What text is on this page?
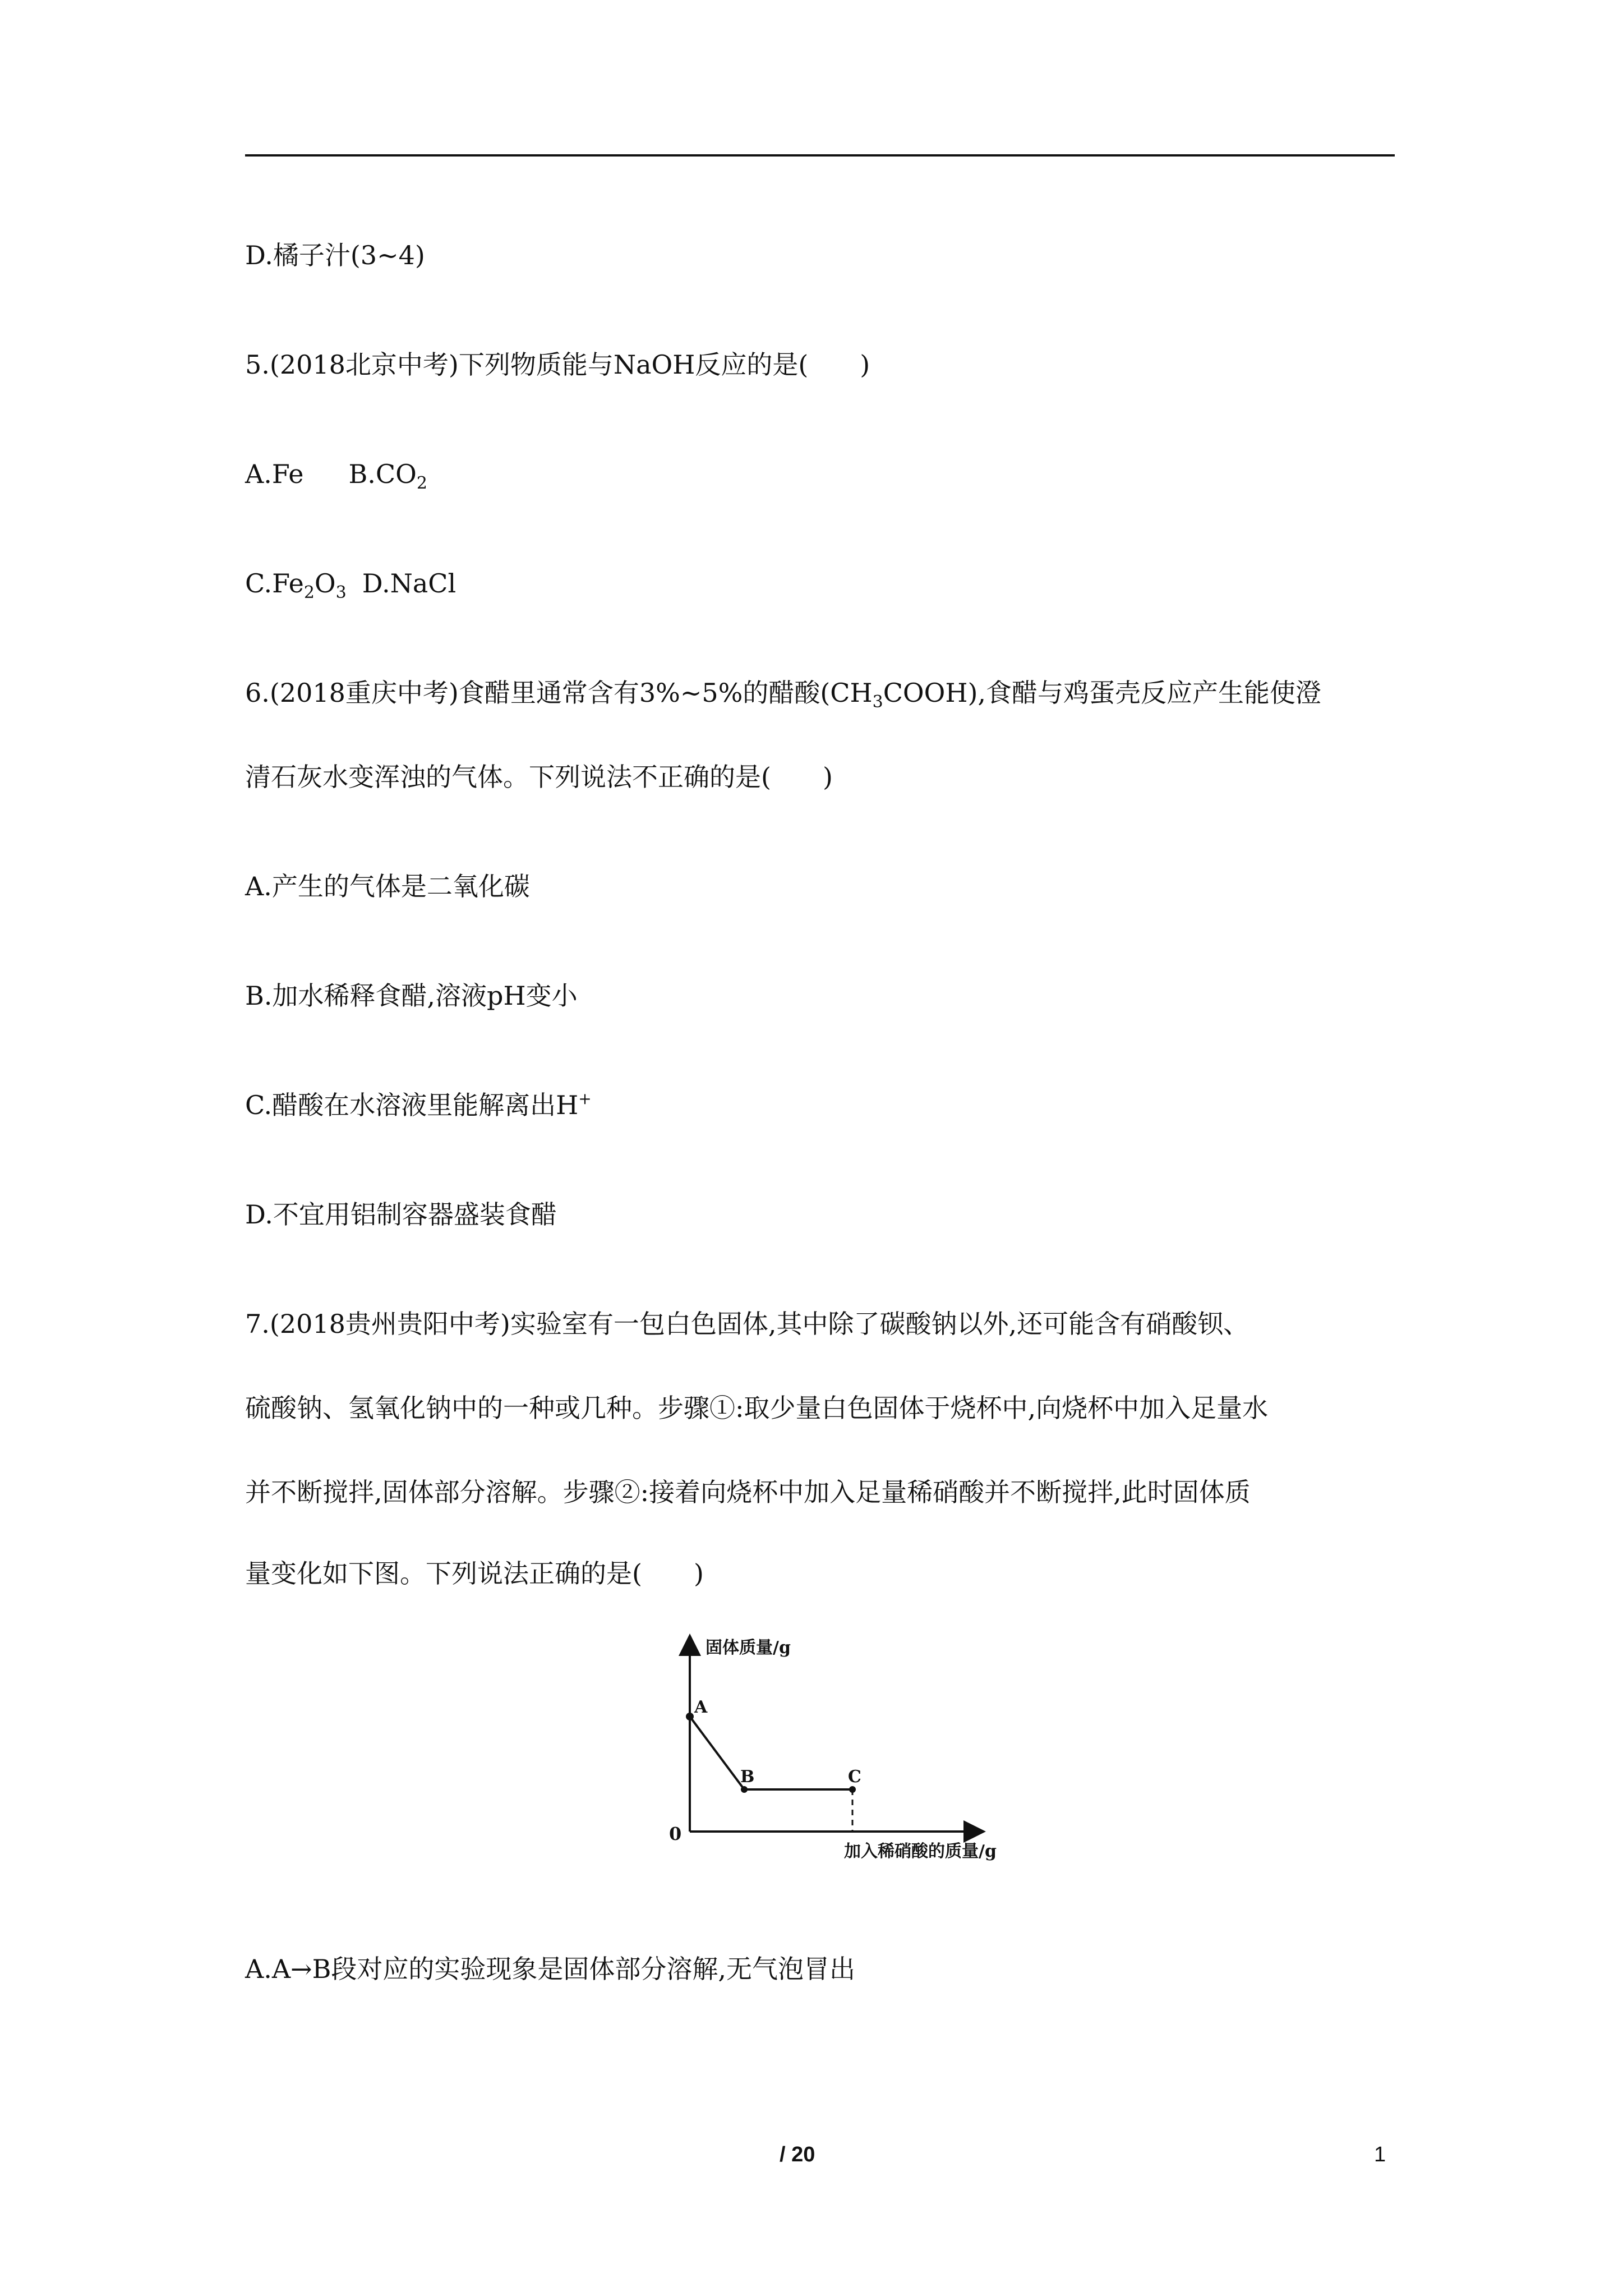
D.橘子汁(3~4)
5.(2018北京中考)下列物质能与NaOH反应的是(　　)
A.Fe $B.CO_2$
$C.Fe_2O_3$ D.NaCl
6.(2018重庆中考)食醋里通常含有3%~5%的醋酸$(CH_3COOH)$,食醋与鸡蛋壳反应产生能使澄
清石灰水变浑浊的气体。下列说法不正确的是(　　)
A.产生的气体是二氧化碳
B.加水稀释食醋,溶液pH变小
C.醋酸在水溶液里能解离出H+
D.不宜用铝制容器盛装食醋
7.(2018贵州贵阳中考)实验室有一包白色固体,其中除了碳酸钠以外,还可能含有硝酸钡、
硫酸钠、氢氧化钠中的一种或几种。步骤①:取少量白色固体于烧杯中,向烧杯中加入足量水
并不断搅拌,固体部分溶解。步骤②:接着向烧杯中加入足量稀硝酸并不断搅拌,此时固体质
量变化如下图。下列说法正确的是(　　)
固体质量/g
加入稀硝酸的质量/g
0
A
B	C
A.A→B段对应的实验现象是固体部分溶解,无气泡冒出
/ 20	1
